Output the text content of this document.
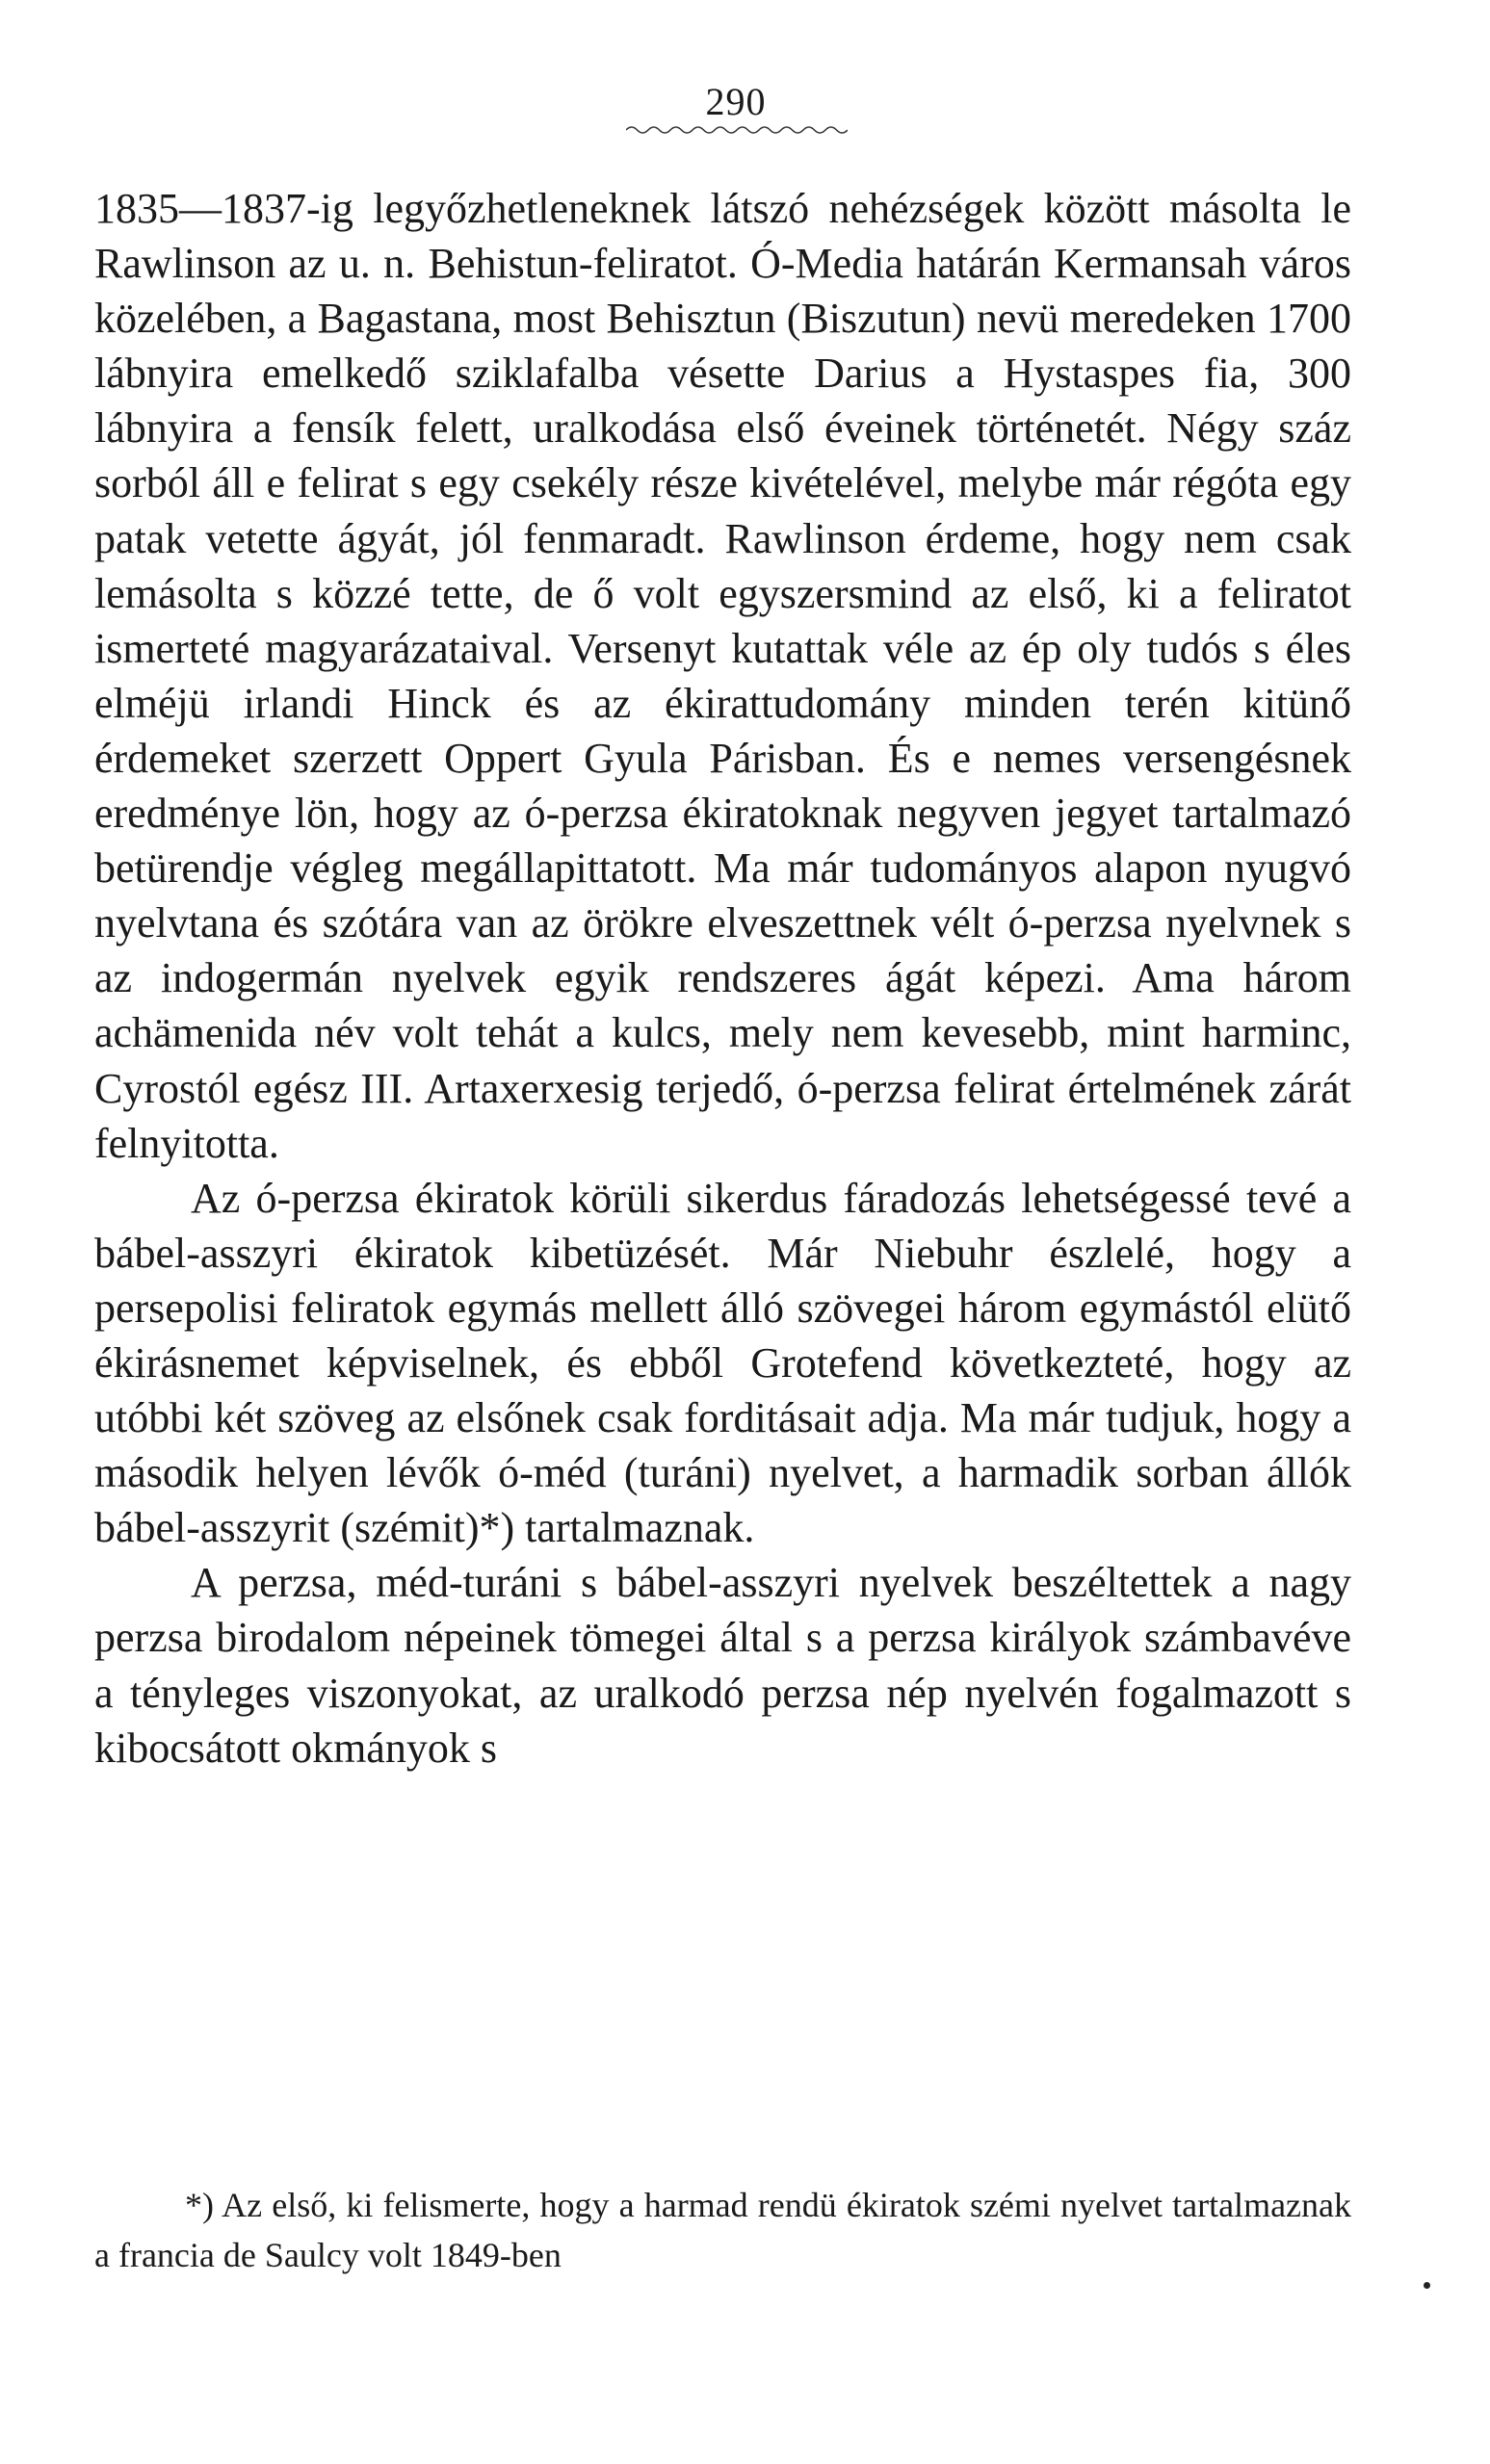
290

1835—1837-ig legyőzhetleneknek látszó nehézségek között másolta le Rawlinson az u. n. Behistun-feliratot. Ó-Media határán Kermansah város közelében, a Bagastana, most Behisztun (Biszutun) nevü meredeken 1700 lábnyira emelkedő sziklafalba vésette Darius a Hystaspes fia, 300 lábnyira a fensík felett, uralkodása első éveinek történetét. Négy száz sorból áll e felirat s egy csekély része kivételével, melybe már régóta egy patak vetette ágyát, jól fenmaradt. Rawlinson érdeme, hogy nem csak lemásolta s közzé tette, de ő volt egyszersmind az első, ki a feliratot ismerteté magyarázataival. Versenyt kutattak véle az ép oly tudós s éles elméjü irlandi Hinck és az ékirattudomány minden terén kitünő érdemeket szerzett Oppert Gyula Párisban. És e nemes versengésnek eredménye lön, hogy az ó-perzsa ékiratoknak negyven jegyet tartalmazó betürendje végleg megállapittatott. Ma már tudományos alapon nyugvó nyelvtana és szótára van az örökre elveszettnek vélt ó-perzsa nyelvnek s az indogermán nyelvek egyik rendszeres ágát képezi. Ama három achämenida név volt tehát a kulcs, mely nem kevesebb, mint harminc, Cyrostól egész III. Artaxerxesig terjedő, ó-perzsa felirat értelmének zárát felnyitotta.

Az ó-perzsa ékiratok körüli sikerdus fáradozás lehetségessé tevé a bábel-asszyri ékiratok kibetüzését. Már Niebuhr észlelé, hogy a persepolisi feliratok egymás mellett álló szövegei három egymástól elütő ékirásnemet képviselnek, és ebből Grotefend következteté, hogy az utóbbi két szöveg az elsőnek csak forditásait adja. Ma már tudjuk, hogy a második helyen lévők ó-méd (turáni) nyelvet, a harmadik sorban állók bábel-asszyrit (szémit)*) tartalmaznak.

A perzsa, méd-turáni s bábel-asszyri nyelvek beszéltettek a nagy perzsa birodalom népeinek tömegei által s a perzsa királyok számbavéve a tényleges viszonyokat, az uralkodó perzsa nép nyelvén fogalmazott s kibocsátott okmányok s

*) Az első, ki felismerte, hogy a harmad rendü ékiratok szémi nyelvet tartalmaznak a francia de Saulcy volt 1849-ben
